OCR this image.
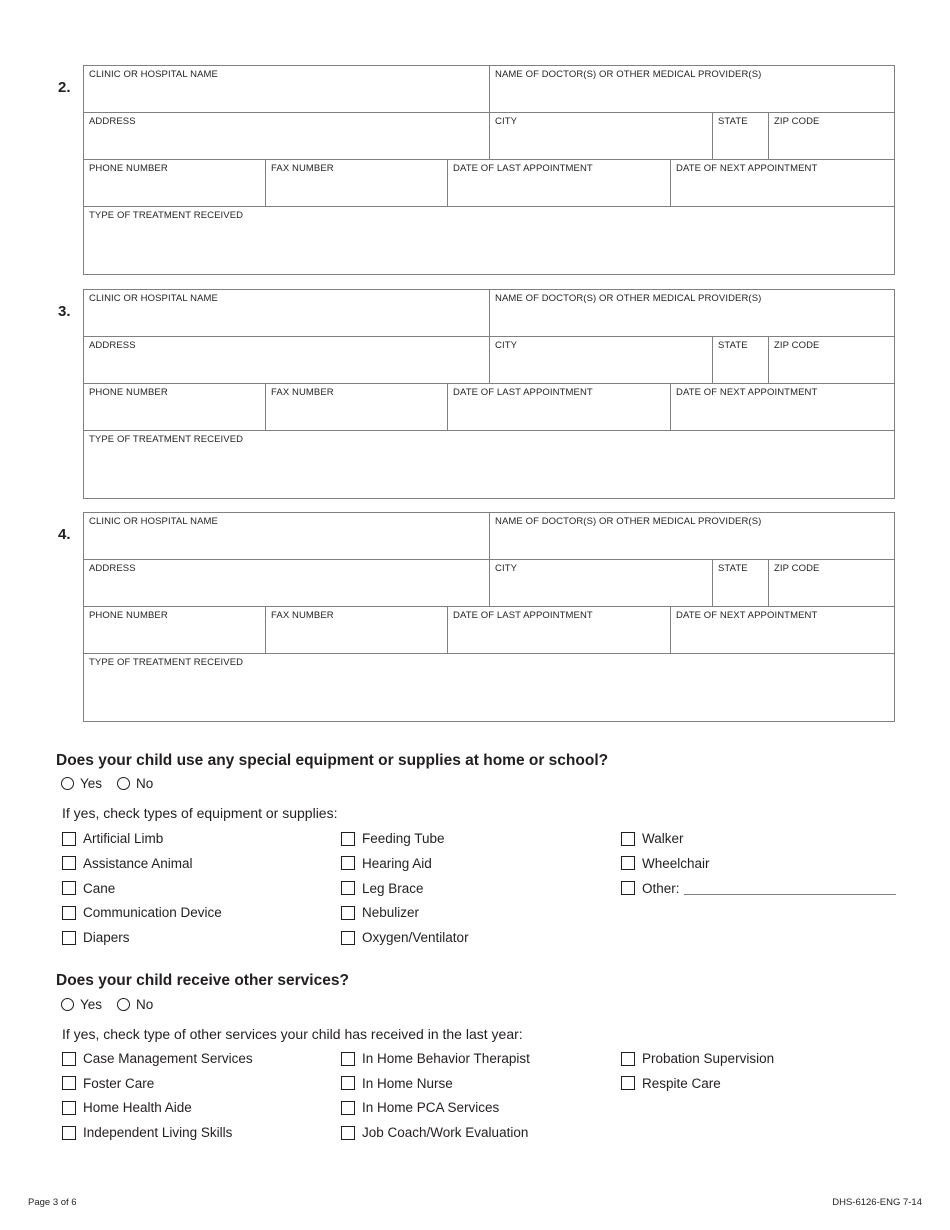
2.
CLINIC OR HOSPITAL NAME	NAME OF DOCTOR(S) OR OTHER MEDICAL PROVIDER(S)
ADDRESS	CITY	STATE	ZIP CODE
PHONE NUMBER	FAX NUMBER	DATE OF LAST APPOINTMENT	DATE OF NEXT APPOINTMENT
TYPE OF TREATMENT RECEIVED
3.
CLINIC OR HOSPITAL NAME	NAME OF DOCTOR(S) OR OTHER MEDICAL PROVIDER(S)
ADDRESS	CITY	STATE	ZIP CODE
PHONE NUMBER	FAX NUMBER	DATE OF LAST APPOINTMENT	DATE OF NEXT APPOINTMENT
TYPE OF TREATMENT RECEIVED
4.
CLINIC OR HOSPITAL NAME	NAME OF DOCTOR(S) OR OTHER MEDICAL PROVIDER(S)
ADDRESS	CITY	STATE	ZIP CODE
PHONE NUMBER	FAX NUMBER	DATE OF LAST APPOINTMENT	DATE OF NEXT APPOINTMENT
TYPE OF TREATMENT RECEIVED
Does your child use any special equipment or supplies at home or school?
Yes	No
If yes, check types of equipment or supplies:
Artificial Limb
Assistance Animal
Cane
Communication Device
Diapers
Feeding Tube
Hearing Aid
Leg Brace
Nebulizer
Oxygen/Ventilator
Walker
Wheelchair
Other:
Does your child receive other services?
Yes	No
If yes, check type of other services your child has received in the last year:
Case Management Services
Foster Care
Home Health Aide
Independent Living Skills
In Home Behavior Therapist
In Home Nurse
In Home PCA Services
Job Coach/Work Evaluation
Probation Supervision
Respite Care
Page 3 of 6	DHS-6126-ENG 7-14
